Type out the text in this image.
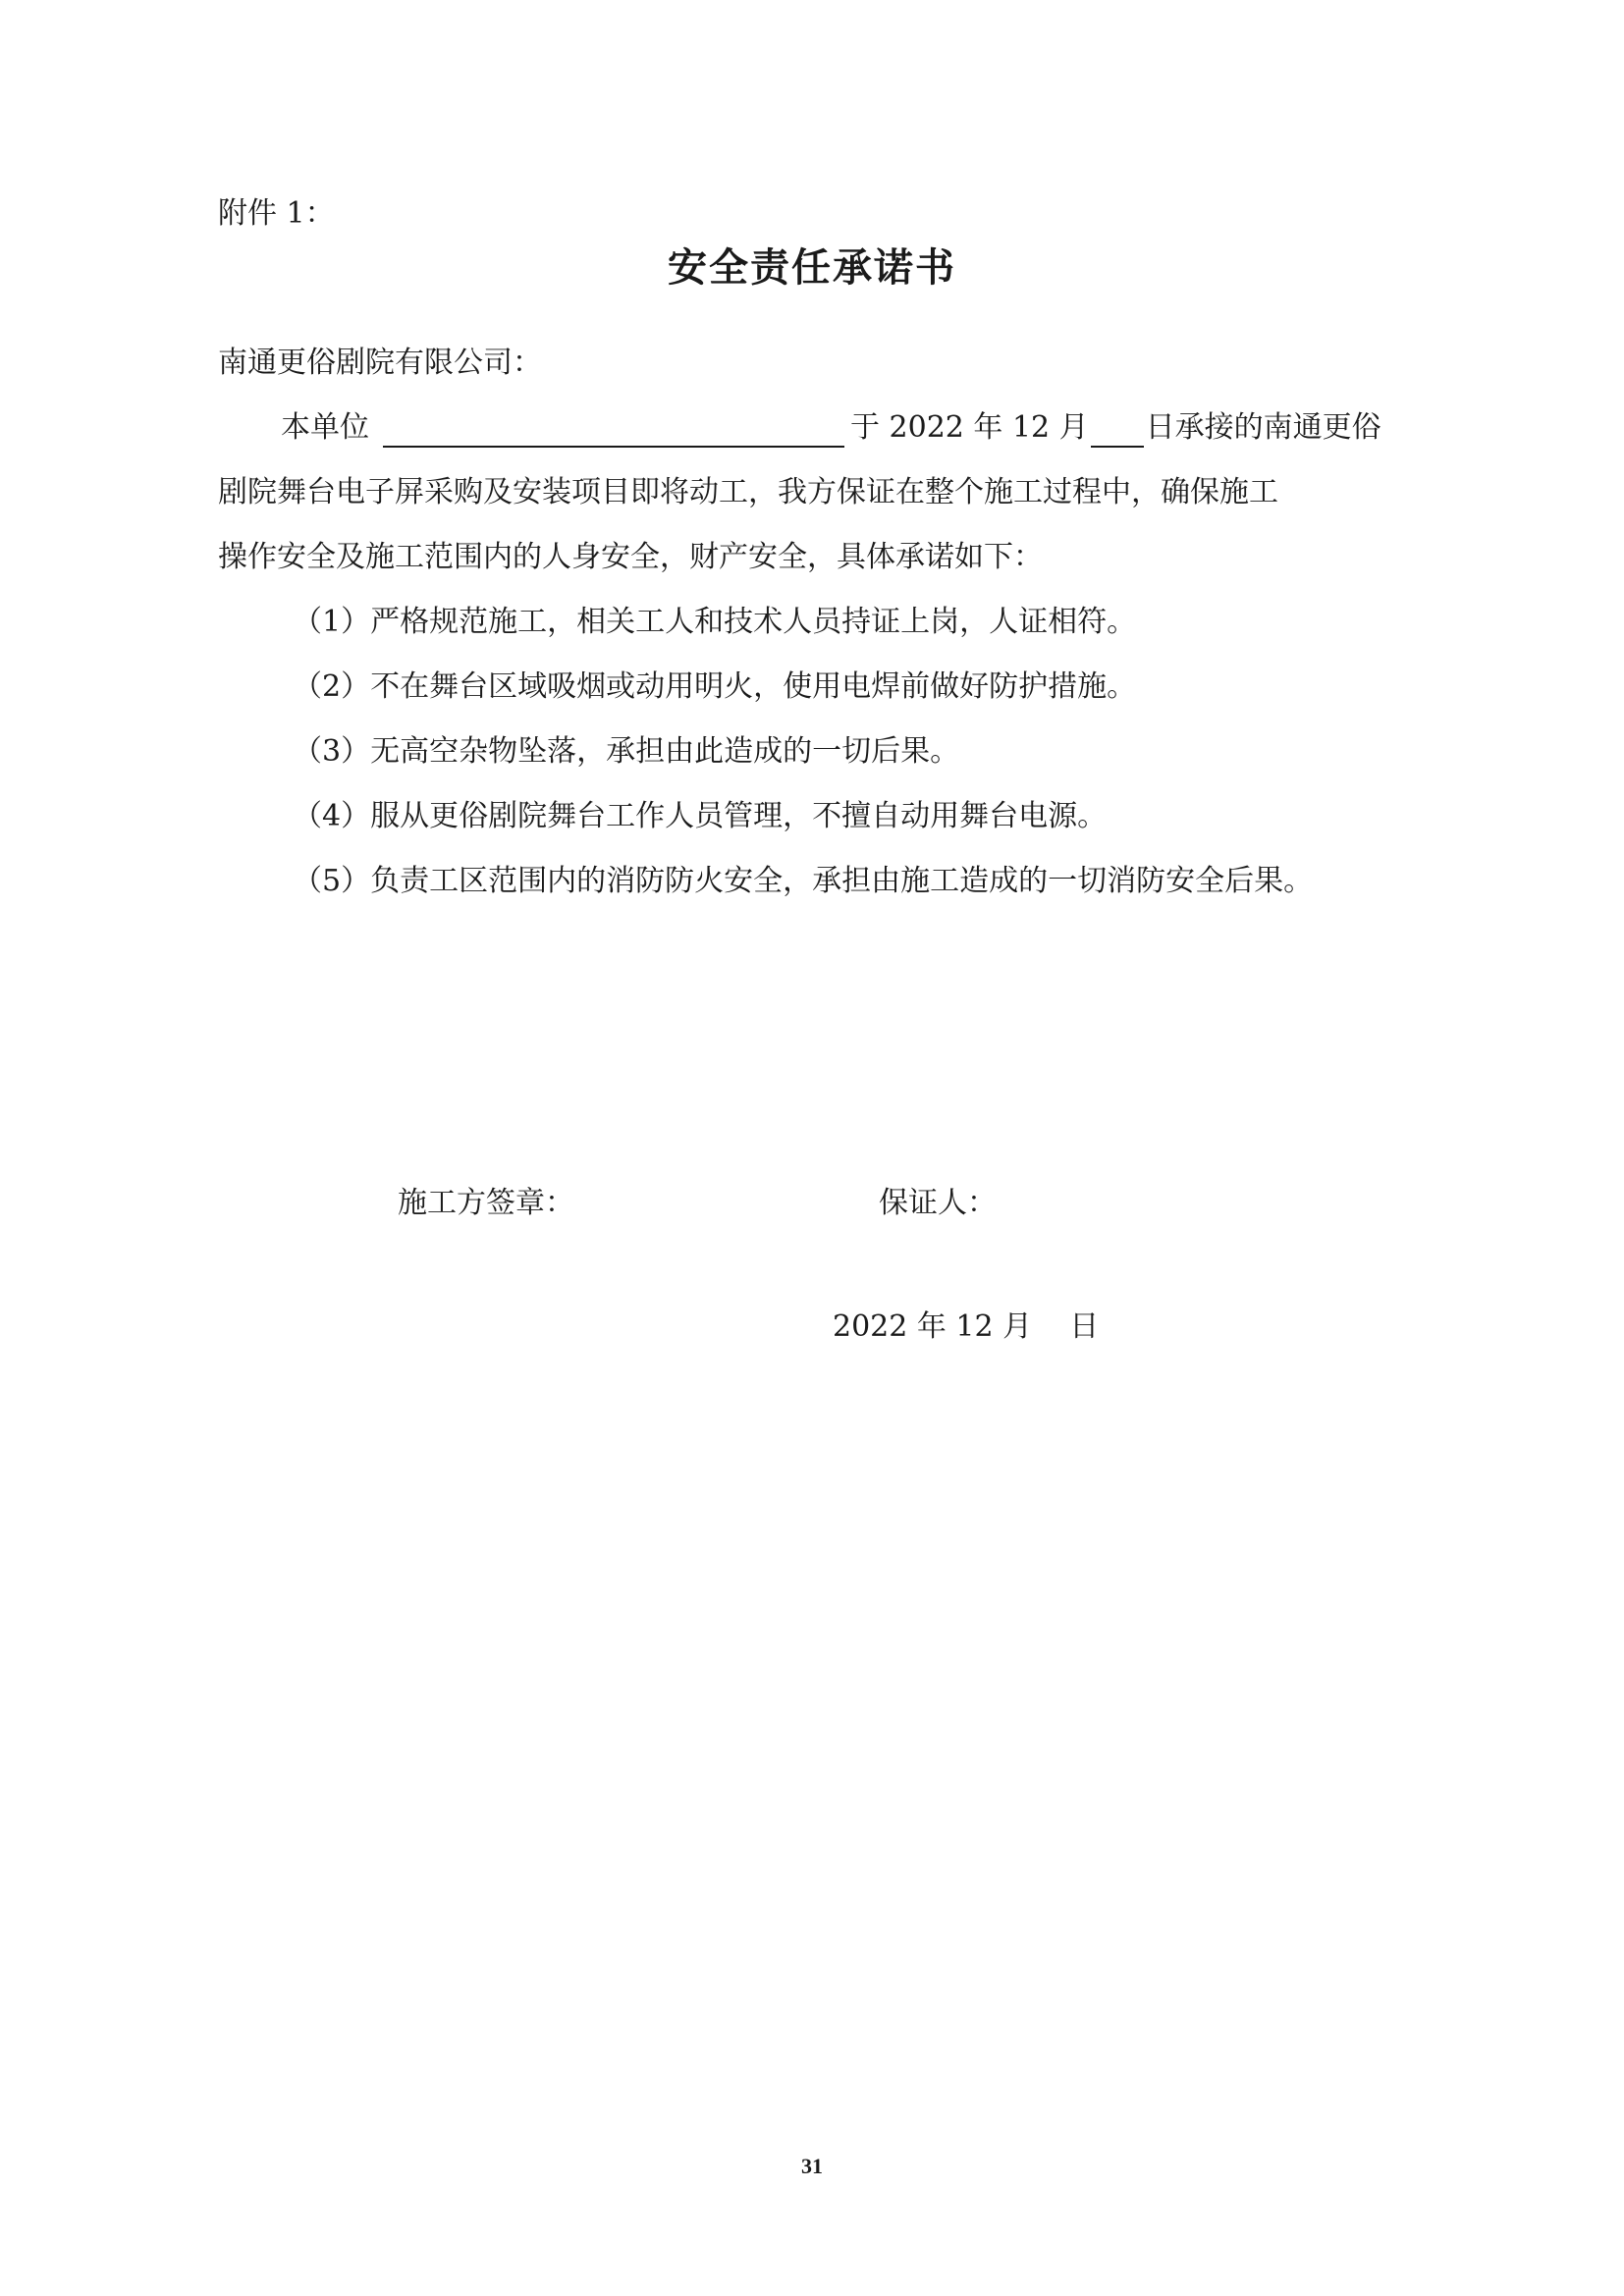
附件 1：
安全责任承诺书
南通更俗剧院有限公司：
本单位	于 2022 年 12 月 日承接的南通更俗
剧院舞台电子屏采购及安装项目即将动工，我方保证在整个施工过程中，确保施工
操作安全及施工范围内的人身安全，财产安全，具体承诺如下：
（1）严格规范施工，相关工人和技术人员持证上岗，人证相符。
（2）不在舞台区域吸烟或动用明火，使用电焊前做好防护措施。
（3）无高空杂物坠落，承担由此造成的一切后果。
（4）服从更俗剧院舞台工作人员管理，不擅自动用舞台电源。
（5）负责工区范围内的消防防火安全，承担由施工造成的一切消防安全后果。
施工方签章：	保证人：
2022 年 12 月    日
31
